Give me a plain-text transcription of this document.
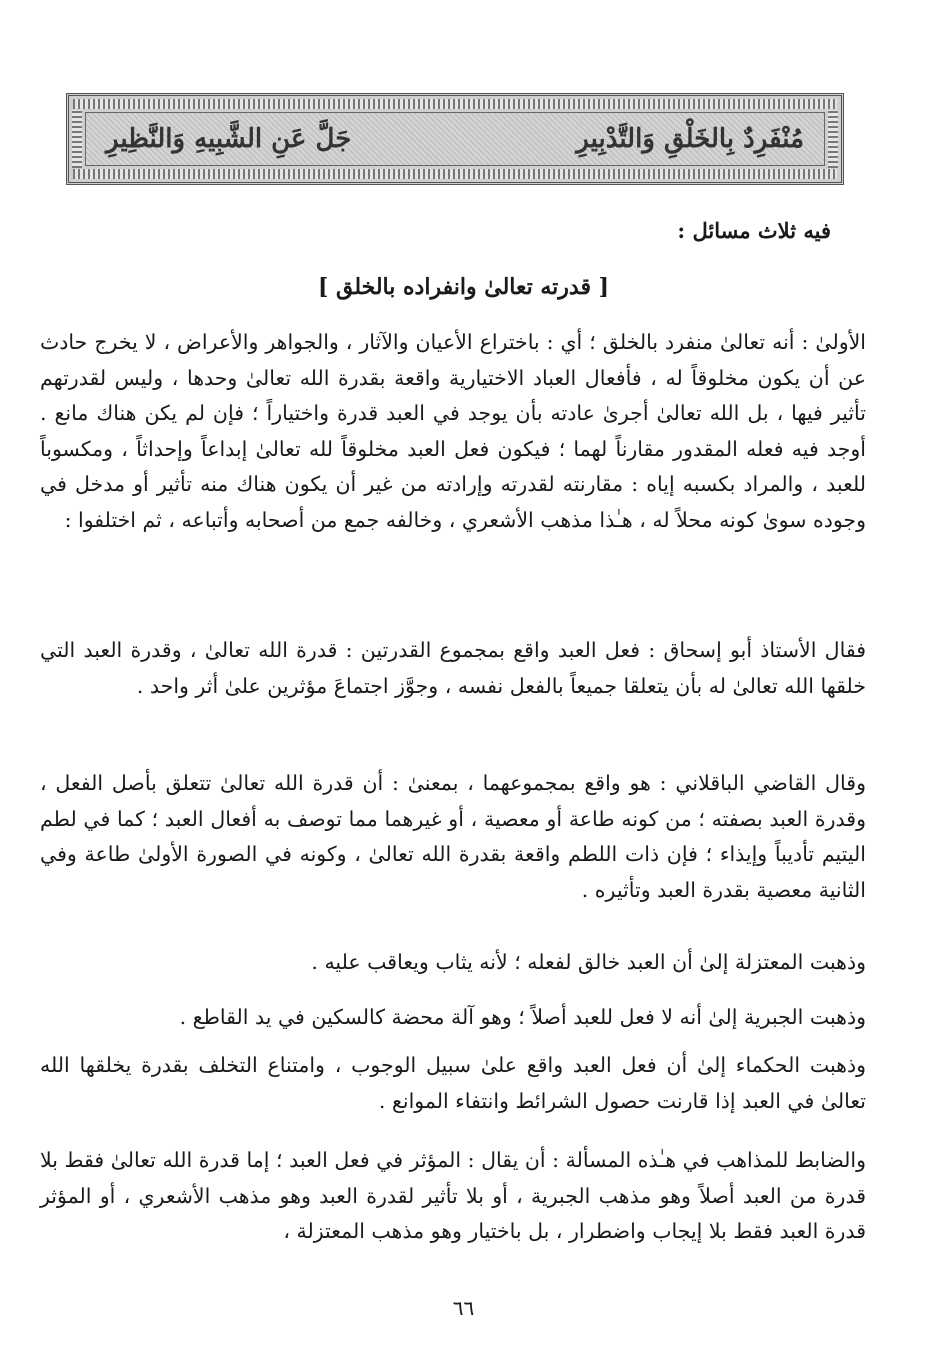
مُنْفَرِدٌ بِالخَلْقِ وَالتَّدْبِيرِ
جَلَّ عَنِ الشَّبِيهِ وَالنَّظِيرِ
فيه ثلاث مسائل :
[ قدرته تعالىٰ وانفراده بالخلق ]
الأولىٰ : أنه تعالىٰ منفرد بالخلق ؛ أي : باختراع الأعيان والآثار ، والجواهر والأعراض ، لا يخرج حادث عن أن يكون مخلوقاً له ، فأفعال العباد الاختيارية واقعة بقدرة الله تعالىٰ وحدها ، وليس لقدرتهم تأثير فيها ، بل الله تعالىٰ أجرىٰ عادته بأن يوجد في العبد قدرة واختياراً ؛ فإن لم يكن هناك مانع . أوجد فيه فعله المقدور مقارناً لهما ؛ فيكون فعل العبد مخلوقاً لله تعالىٰ إبداعاً وإحداثاً ، ومكسوباً للعبد ، والمراد بكسبه إياه : مقارنته لقدرته وإرادته من غير أن يكون هناك منه تأثير أو مدخل في وجوده سوىٰ كونه محلاً له ، هـٰذا مذهب الأشعري ، وخالفه جمع من أصحابه وأتباعه ، ثم اختلفوا :
فقال الأستاذ أبو إسحاق : فعل العبد واقع بمجموع القدرتين : قدرة الله تعالىٰ ، وقدرة العبد التي خلقها الله تعالىٰ له بأن يتعلقا جميعاً بالفعل نفسه ، وجوَّز اجتماعَ مؤثرين علىٰ أثر واحد .
وقال القاضي الباقلاني : هو واقع بمجموعهما ، بمعنىٰ : أن قدرة الله تعالىٰ تتعلق بأصل الفعل ، وقدرة العبد بصفته ؛ من كونه طاعة أو معصية ، أو غيرهما مما توصف به أفعال العبد ؛ كما في لطم اليتيم تأديباً وإيذاء ؛ فإن ذات اللطم واقعة بقدرة الله تعالىٰ ، وكونه في الصورة الأولىٰ طاعة وفي الثانية معصية بقدرة العبد وتأثيره .
وذهبت المعتزلة إلىٰ أن العبد خالق لفعله ؛ لأنه يثاب ويعاقب عليه .
وذهبت الجبرية إلىٰ أنه لا فعل للعبد أصلاً ؛ وهو آلة محضة كالسكين في يد القاطع .
وذهبت الحكماء إلىٰ أن فعل العبد واقع علىٰ سبيل الوجوب ، وامتناع التخلف بقدرة يخلقها الله تعالىٰ في العبد إذا قارنت حصول الشرائط وانتفاء الموانع .
والضابط للمذاهب في هـٰذه المسألة : أن يقال : المؤثر في فعل العبد ؛ إما قدرة الله تعالىٰ فقط بلا قدرة من العبد أصلاً وهو مذهب الجبرية ، أو بلا تأثير لقدرة العبد وهو مذهب الأشعري ، أو المؤثر قدرة العبد فقط بلا إيجاب واضطرار ، بل باختيار وهو مذهب المعتزلة ،
٦٦
